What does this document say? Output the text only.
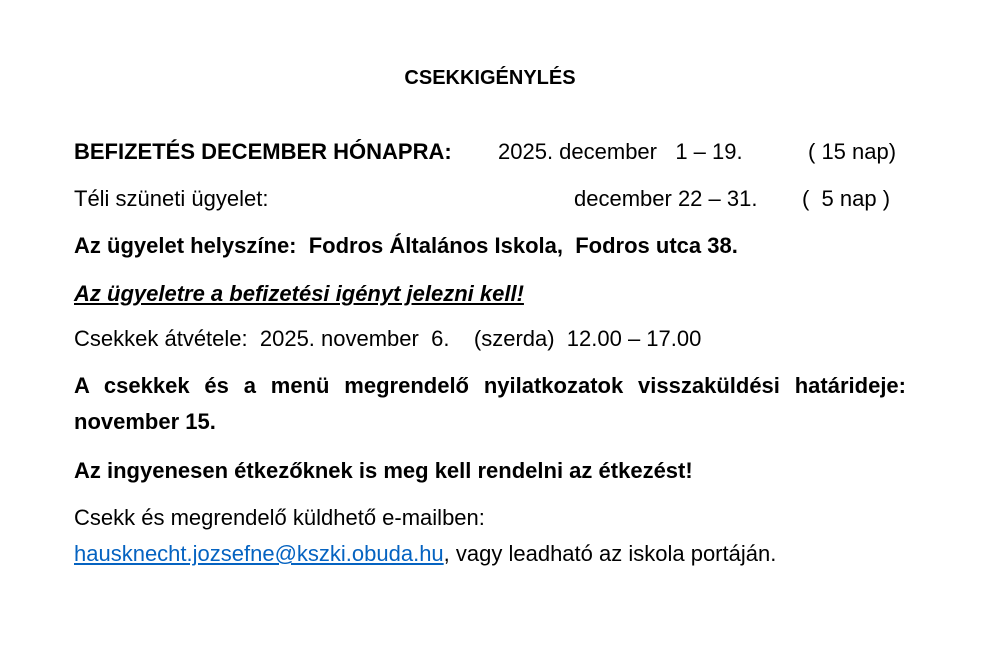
CSEKKIGÉNYLÉS
BEFIZETÉS DECEMBER HÓNAPRA: 2025. december   1 – 19.	( 15 nap)
Téli szüneti ügyelet:	december 22 – 31. (  5 nap )
Az ügyelet helyszíne:  Fodros Általános Iskola,  Fodros utca 38.
Az ügyeletre a befizetési igényt jelezni kell!
Csekkek átvétele:  2025. november  6.    (szerda)  12.00 – 17.00
A csekkek és a menü megrendelő nyilatkozatok visszaküldési határideje: november 15.
Az ingyenesen étkezőknek is meg kell rendelni az étkezést!
Csekk és megrendelő küldhető e-mailben:
hausknecht.jozsefne@kszki.obuda.hu, vagy leadható az iskola portáján.
